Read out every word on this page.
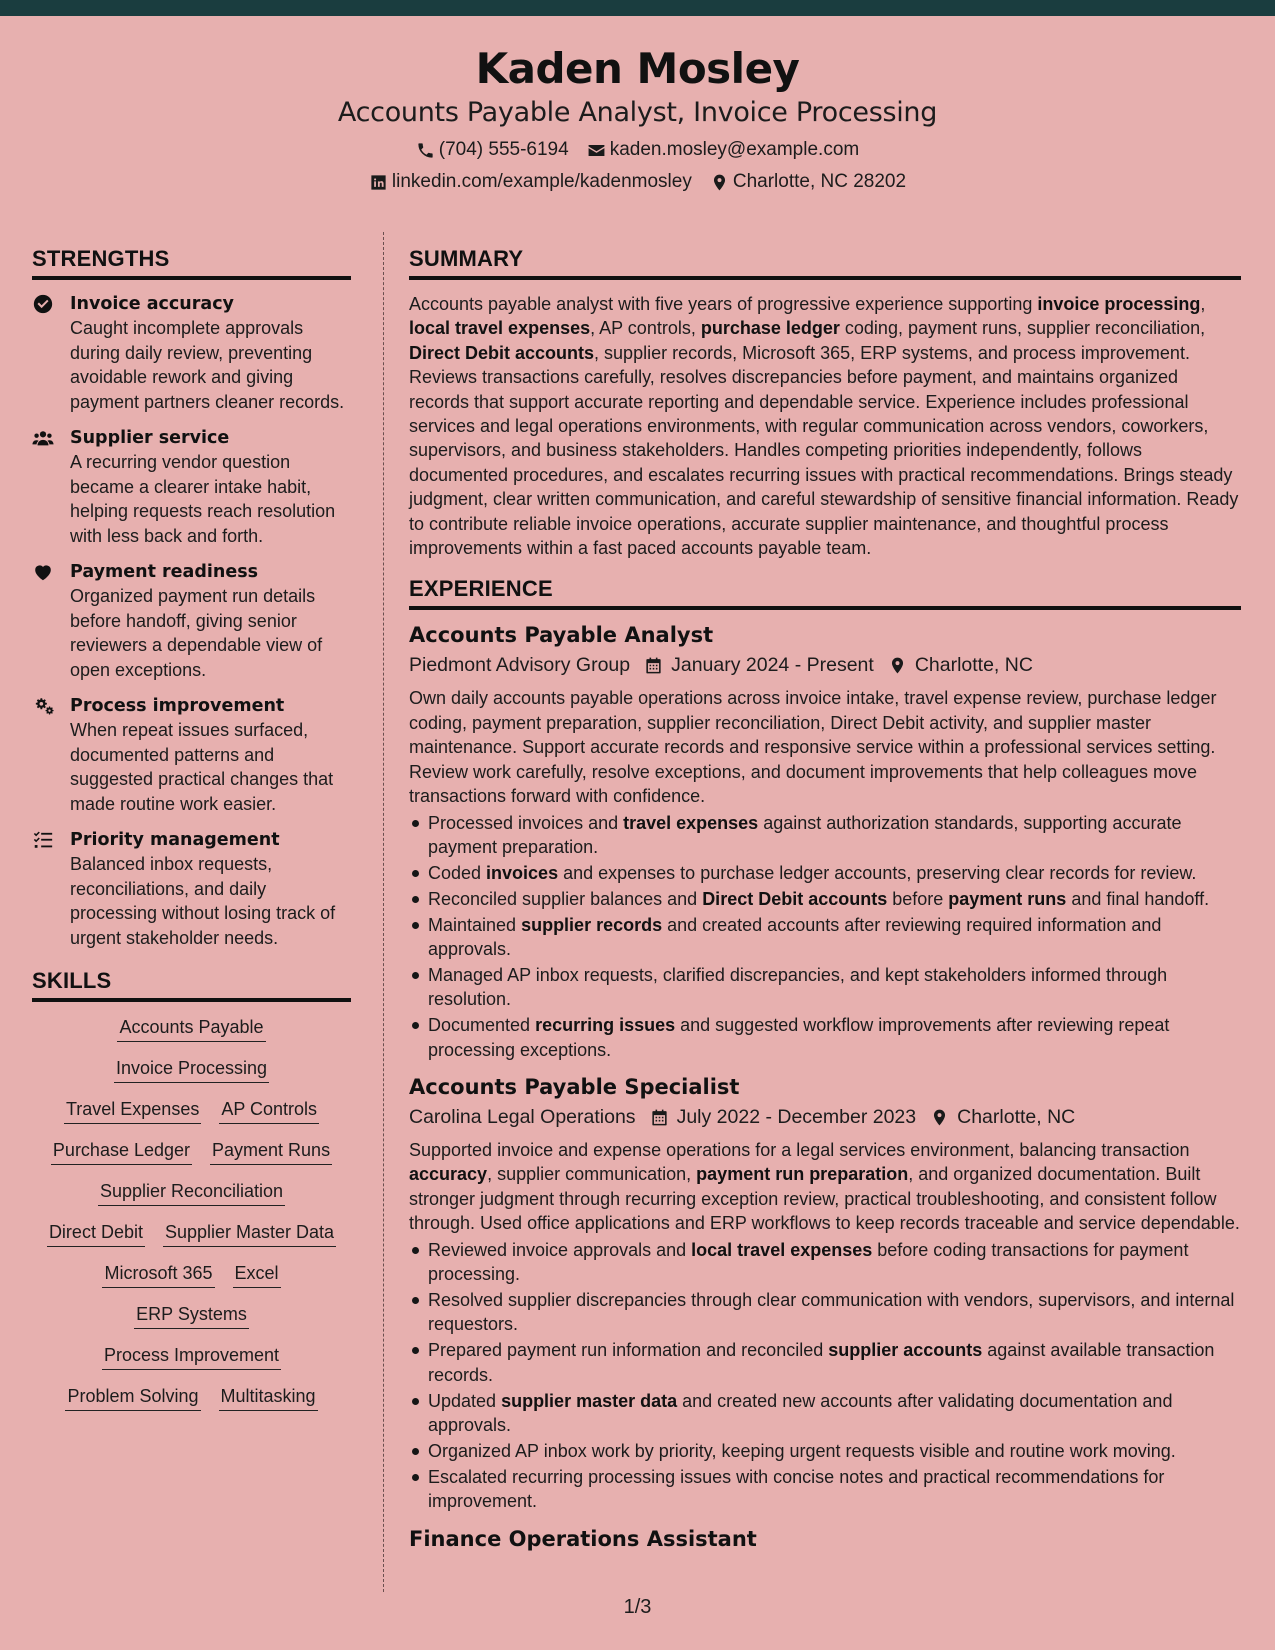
Kaden Mosley
Accounts Payable Analyst, Invoice Processing
(704) 555-6194 kaden.mosley@example.com
linkedin.com/example/kadenmosley Charlotte, NC 28202
STRENGTHS
Invoice accuracy
Caught incomplete approvals during daily review, preventing avoidable rework and giving payment partners cleaner records.
Supplier service
A recurring vendor question became a clearer intake habit, helping requests reach resolution with less back and forth.
Payment readiness
Organized payment run details before handoff, giving senior reviewers a dependable view of open exceptions.
Process improvement
When repeat issues surfaced, documented patterns and suggested practical changes that made routine work easier.
Priority management
Balanced inbox requests, reconciliations, and daily processing without losing track of urgent stakeholder needs.
SKILLS
Accounts Payable
Invoice Processing
Travel Expenses AP Controls
Purchase Ledger Payment Runs
Supplier Reconciliation
Direct Debit Supplier Master Data
Microsoft 365 Excel
ERP Systems
Process Improvement
Problem Solving Multitasking
SUMMARY
Accounts payable analyst with five years of progressive experience supporting invoice processing, local travel expenses, AP controls, purchase ledger coding, payment runs, supplier reconciliation, Direct Debit accounts, supplier records, Microsoft 365, ERP systems, and process improvement. Reviews transactions carefully, resolves discrepancies before payment, and maintains organized records that support accurate reporting and dependable service. Experience includes professional services and legal operations environments, with regular communication across vendors, coworkers, supervisors, and business stakeholders. Handles competing priorities independently, follows documented procedures, and escalates recurring issues with practical recommendations. Brings steady judgment, clear written communication, and careful stewardship of sensitive financial information. Ready to contribute reliable invoice operations, accurate supplier maintenance, and thoughtful process improvements within a fast paced accounts payable team.
EXPERIENCE
Accounts Payable Analyst
Piedmont Advisory Group January 2024 - Present Charlotte, NC
Own daily accounts payable operations across invoice intake, travel expense review, purchase ledger coding, payment preparation, supplier reconciliation, Direct Debit activity, and supplier master maintenance. Support accurate records and responsive service within a professional services setting. Review work carefully, resolve exceptions, and document improvements that help colleagues move transactions forward with confidence.
Processed invoices and travel expenses against authorization standards, supporting accurate payment preparation.
Coded invoices and expenses to purchase ledger accounts, preserving clear records for review.
Reconciled supplier balances and Direct Debit accounts before payment runs and final handoff.
Maintained supplier records and created accounts after reviewing required information and approvals.
Managed AP inbox requests, clarified discrepancies, and kept stakeholders informed through resolution.
Documented recurring issues and suggested workflow improvements after reviewing repeat processing exceptions.
Accounts Payable Specialist
Carolina Legal Operations July 2022 - December 2023 Charlotte, NC
Supported invoice and expense operations for a legal services environment, balancing transaction accuracy, supplier communication, payment run preparation, and organized documentation. Built stronger judgment through recurring exception review, practical troubleshooting, and consistent follow through. Used office applications and ERP workflows to keep records traceable and service dependable.
Reviewed invoice approvals and local travel expenses before coding transactions for payment processing.
Resolved supplier discrepancies through clear communication with vendors, supervisors, and internal requestors.
Prepared payment run information and reconciled supplier accounts against available transaction records.
Updated supplier master data and created new accounts after validating documentation and approvals.
Organized AP inbox work by priority, keeping urgent requests visible and routine work moving.
Escalated recurring processing issues with concise notes and practical recommendations for improvement.
Finance Operations Assistant
1/3
